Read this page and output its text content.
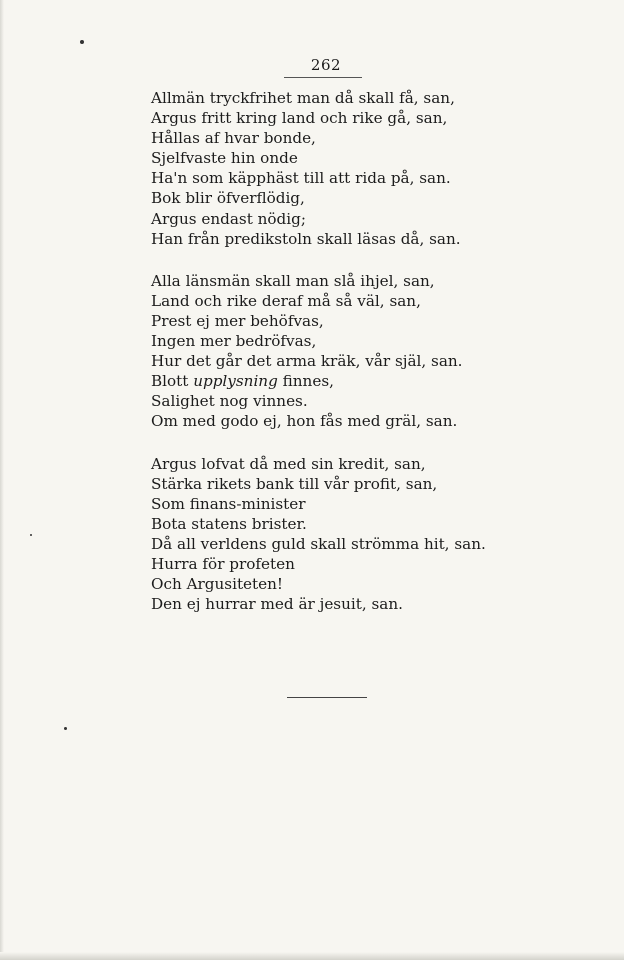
262
Allmän tryckfrihet man då skall få, san,
Argus fritt kring land och rike gå, san,
Hållas af hvar bonde,
Sjelfvaste hin onde
Ha'n som käpphäst till att rida på, san.
Bok blir öfverflödig,
Argus endast nödig;
Han från predikstoln skall läsas då, san.
Alla länsmän skall man slå ihjel, san,
Land och rike deraf må så väl, san,
Prest ej mer behöfvas,
Ingen mer bedröfvas,
Hur det går det arma kräk, vår själ, san.
Blott upplysning finnes,
Salighet nog vinnes.
Om med godo ej, hon fås med gräl, san.
Argus lofvat då med sin kredit, san,
Stärka rikets bank till vår profit, san,
Som finans-minister
Bota statens brister.
Då all verldens guld skall strömma hit, san.
Hurra för profeten
Och Argusiteten!
Den ej hurrar med är jesuit, san.
